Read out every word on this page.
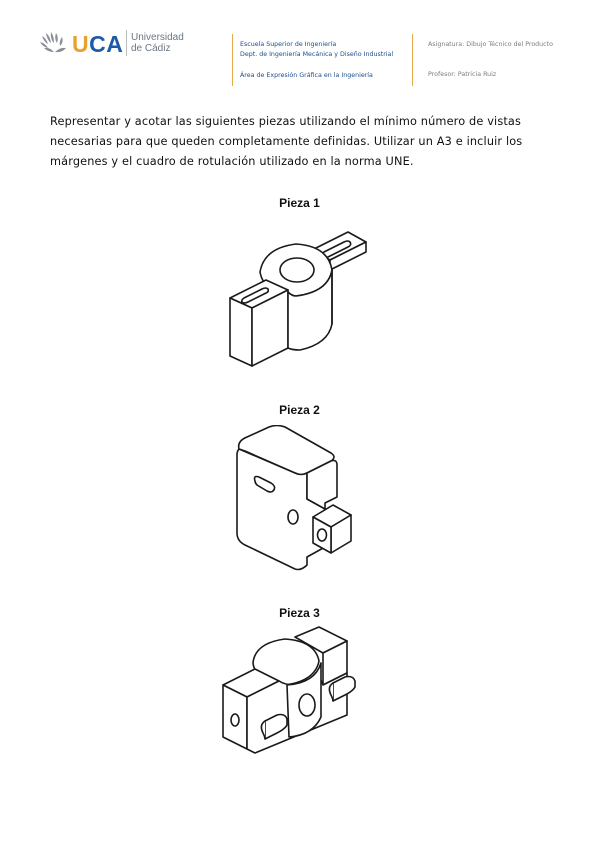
UCA Universidad
de Cádiz	Escuela Superior de Ingeniería
Dept. de Ingeniería Mecánica y Diseño Industrial
Área de Expresión Gráfica en la Ingeniería
Asignatura: Dibujo Técnico del Producto
Profesor: Patricia Ruiz
Representar y acotar las siguientes piezas utilizando el mínimo número de vistas necesarias para que queden completamente definidas. Utilizar un A3 e incluir los márgenes y el cuadro de rotulación utilizado en la norma UNE.
Pieza 1
Pieza 2
Pieza 3
